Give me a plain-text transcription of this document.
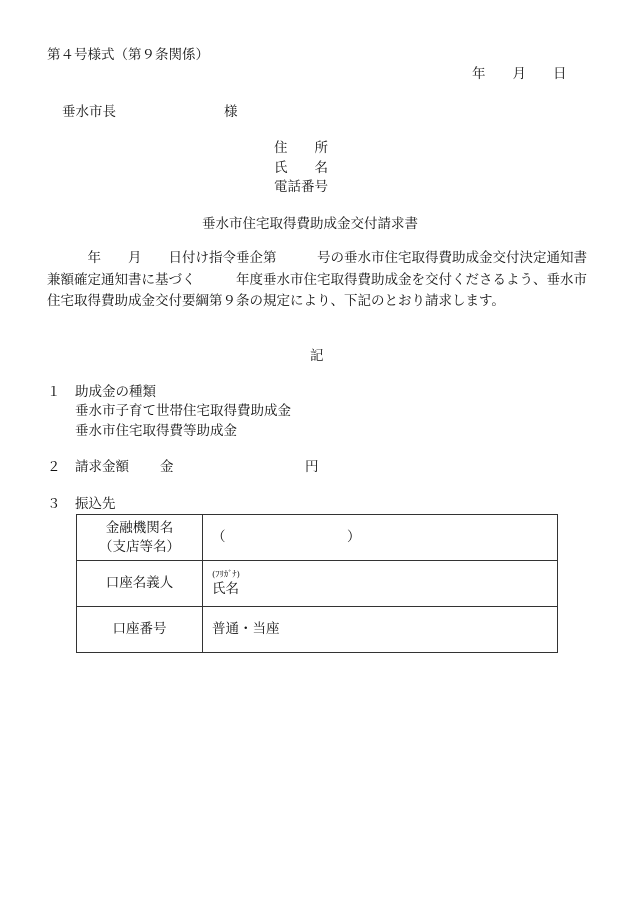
第４号様式（第９条関係）
年　　月　　日
垂水市長　　　　　　　　様
住　　所
氏　　名
電話番号
垂水市住宅取得費助成金交付請求書
　　　年　　月　　日付け指令垂企第　　　号の垂水市住宅取得費助成金交付決定通知書兼額確定通知書に基づく　　　年度垂水市住宅取得費助成金を交付くださるよう、垂水市住宅取得費助成金交付要綱第９条の規定により、下記のとおり請求します。
記
１ 助成金の種類
垂水市子育て世帯住宅取得費助成金
垂水市住宅取得費等助成金
２ 請求金額 金	円
３ 振込先
金融機関名
（支店等名）	（　　　　　　　　　）
口座名義人	(ﾌﾘｶﾞﾅ)
氏名
口座番号	普通・当座
